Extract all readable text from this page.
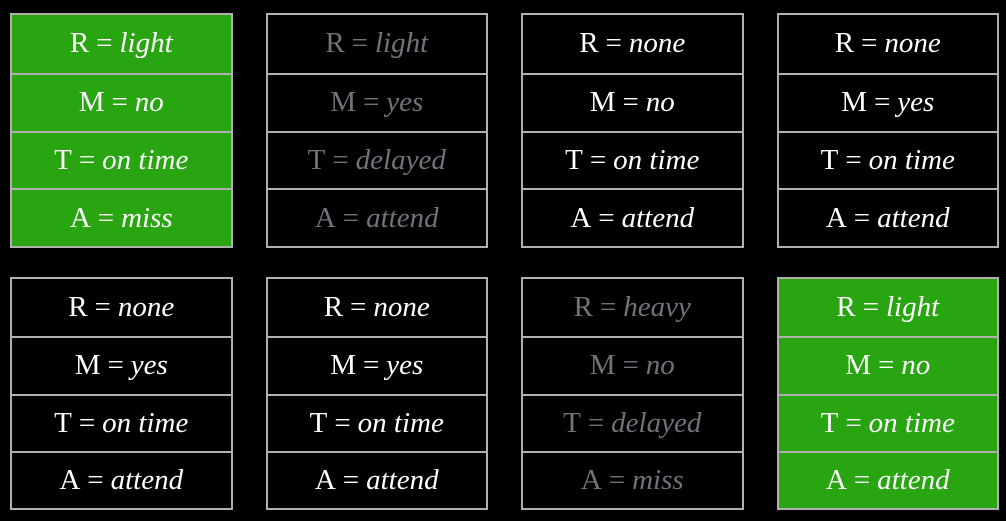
R = light
M = no
T = on time
A = miss
R = light
M = yes
T = delayed
A = attend
R = none
M = no
T = on time
A = attend
R = none
M = yes
T = on time
A = attend
R = none
M = yes
T = on time
A = attend
R = none
M = yes
T = on time
A = attend
R = heavy
M = no
T = delayed
A = miss
R = light
M = no
T = on time
A = attend
